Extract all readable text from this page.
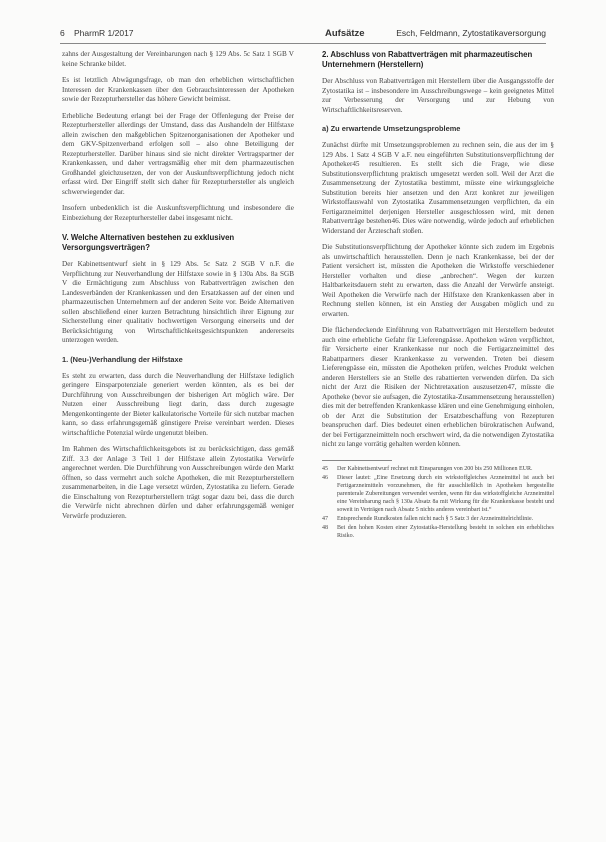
6 PharmR 1/2017	Aufsätze	Esch, Feldmann, Zytostatikaversorgung

zahns der Ausgestaltung der Vereinbarungen nach § 129 Abs. 5c Satz 1 SGB V keine Schranke bildet.

Es ist letztlich Abwägungsfrage, ob man den erheblichen wirtschaftlichen Interessen der Krankenkassen über den Gebrauchsinteressen der Apotheken sowie der Rezepturhersteller das höhere Gewicht beimisst.

Erhebliche Bedeutung erlangt bei der Frage der Offenlegung der Preise der Rezepturhersteller allerdings der Umstand, dass das Aushandeln der Hilfstaxe allein zwischen den maßgeblichen Spitzenorganisationen der Apotheker und dem GKV-Spitzenverband erfolgen soll – also ohne Beteiligung der Rezepturhersteller. Darüber hinaus sind sie nicht direkter Vertragspartner der Krankenkassen, und daher vertragsmäßig eher mit dem pharmazeutischen Großhandel gleichzusetzen, der von der Auskunftsverpflichtung jedoch nicht erfasst wird. Der Eingriff stellt sich daher für Rezepturhersteller als ungleich schwerwiegender dar.

Insofern unbedenklich ist die Auskunftsverpflichtung und insbesondere die Einbeziehung der Rezepturhersteller dabei insgesamt nicht.

V. Welche Alternativen bestehen zu exklusiven Versorgungsverträgen?

Der Kabinettsentwurf sieht in § 129 Abs. 5c Satz 2 SGB V n.F. die Verpflichtung zur Neuverhandlung der Hilfstaxe sowie in § 130a Abs. 8a SGB V die Ermächtigung zum Abschluss von Rabattverträgen zwischen den Landesverbänden der Krankenkassen und den Ersatzkassen auf der einen und pharmazeutischen Unternehmern auf der anderen Seite vor. Beide Alternativen sollen abschließend einer kurzen Betrachtung hinsichtlich ihrer Eignung zur Sicherstellung einer qualitativ hochwertigen Versorgung einerseits und der Berücksichtigung von Wirtschaftlichkeitsgesichtspunkten andererseits unterzogen werden.

1. (Neu-)Verhandlung der Hilfstaxe

Es steht zu erwarten, dass durch die Neuverhandlung der Hilfstaxe lediglich geringere Einsparpotenziale generiert werden könnten, als es bei der Durchführung von Ausschreibungen der bisherigen Art möglich wäre. Der Nutzen einer Ausschreibung liegt darin, dass durch zugesagte Mengenkontingente der Bieter kalkulatorische Vorteile für sich nutzbar machen kann, so dass erfahrungsgemäß günstigere Preise vereinbart werden. Dieses wirtschaftliche Potenzial würde ungenutzt bleiben.

Im Rahmen des Wirtschaftlichkeitsgebots ist zu berücksichtigen, dass gemäß Ziff. 3.3 der Anlage 3 Teil 1 der Hilfstaxe allein Zytostatika Verwürfe angerechnet werden. Die Durchführung von Ausschreibungen würde den Markt öffnen, so dass vermehrt auch solche Apotheken, die mit Rezepturherstellern zusammenarbeiten, in die Lage versetzt würden, Zytostatika zu liefern. Gerade die Einschaltung von Rezepturherstellern trägt sogar dazu bei, dass die durch die Verwürfe nicht abrechnen dürfen und daher erfahrungsgemäß weniger Verwürfe produzieren.

2. Abschluss von Rabattverträgen mit pharmazeutischen Unternehmern (Herstellern)

Der Abschluss von Rabattverträgen mit Herstellern über die Ausgangsstoffe der Zytostatika ist – insbesondere im Ausschreibungswege – kein geeignetes Mittel zur Verbesserung der Versorgung und zur Hebung von Wirtschaftlichkeitsreserven.

a) Zu erwartende Umsetzungsprobleme

Zunächst dürfte mit Umsetzungsproblemen zu rechnen sein, die aus der im § 129 Abs. 1 Satz 4 SGB V a.F. neu eingeführten Substitutionsverpflichtung der Apotheker45 resultieren. Es stellt sich die Frage, wie diese Substitutionsverpflichtung praktisch umgesetzt werden soll. Weil der Arzt die Zusammensetzung der Zytostatika bestimmt, müsste eine wirkungsgleiche Substitution bereits hier ansetzen und den Arzt konkret zur jeweiligen Wirkstoffauswahl von Zytostatika Zusammensetzungen verpflichten, da ein Fertigarzneimittel derjenigen Hersteller ausgeschlossen wird, mit denen Rabattverträge bestehen46. Dies wäre notwendig, würde jedoch auf erheblichen Widerstand der Ärzteschaft stoßen.

Die Substitutionsverpflichtung der Apotheker könnte sich zudem im Ergebnis als unwirtschaftlich herausstellen. Denn je nach Krankenkasse, bei der der Patient versichert ist, müssten die Apotheken die Wirkstoffe verschiedener Hersteller vorhalten und diese „anbrechen“. Wegen der kurzen Haltbarkeitsdauern steht zu erwarten, dass die Anzahl der Verwürfe ansteigt. Weil Apotheken die Verwürfe nach der Hilfstaxe den Krankenkassen aber in Rechnung stellen können, ist ein Anstieg der Ausgaben möglich und zu erwarten.

Die flächendeckende Einführung von Rabattverträgen mit Herstellern bedeutet auch eine erhebliche Gefahr für Lieferengpässe. Apotheken wären verpflichtet, für Versicherte einer Krankenkasse nur noch die Fertigarzneimittel des Rabattpartners dieser Krankenkasse zu verwenden. Treten bei diesem Lieferengpässe ein, müssten die Apotheken prüfen, welches Produkt welchen anderen Herstellers sie an Stelle des rabattierten verwenden dürfen. Da sich nicht der Arzt die Risiken der Nichtretaxation auszusetzen47, müsste die Apotheke (bevor sie aufsagen, die Zytostatika-Zusammensetzung herausstellen) dies mit der betreffenden Krankenkasse klären und eine Genehmigung einholen, ob der Arzt die Substitution der Ersatzbeschaffung von Rezepturen beanspruchen darf. Dies bedeutet einen erheblichen bürokratischen Aufwand, der bei Fertigarzneimitteln noch erschwert wird, da die notwendigen Zytostatika nicht zu lange vorrätig gehalten werden können.

45	Der Kabinettsentwurf rechnet mit Einsparungen von 200 bis 250 Millionen EUR.
46	Dieser lautet: „Eine Ersetzung durch ein wirkstoffgleiches Arzneimittel ist auch bei Fertigarzneimitteln vorzunehmen, die für ausschließlich in Apotheken hergestellte parenterale Zubereitungen verwendet werden, wenn für das wirkstoffgleiche Arzneimittel eine Vereinbarung nach § 130a Absatz 8a mit Wirkung für die Krankenkasse besteht und soweit in Verträgen nach Absatz 5 nichts anderes vereinbart ist.“
47	Entsprechende Rundkosten fallen nicht nach § 5 Satz 3 der Arzneimittelrichtlinie.
48	Bei den hohen Kosten einer Zytostatika-Herstellung besteht in solchen ein erhebliches Risiko.
